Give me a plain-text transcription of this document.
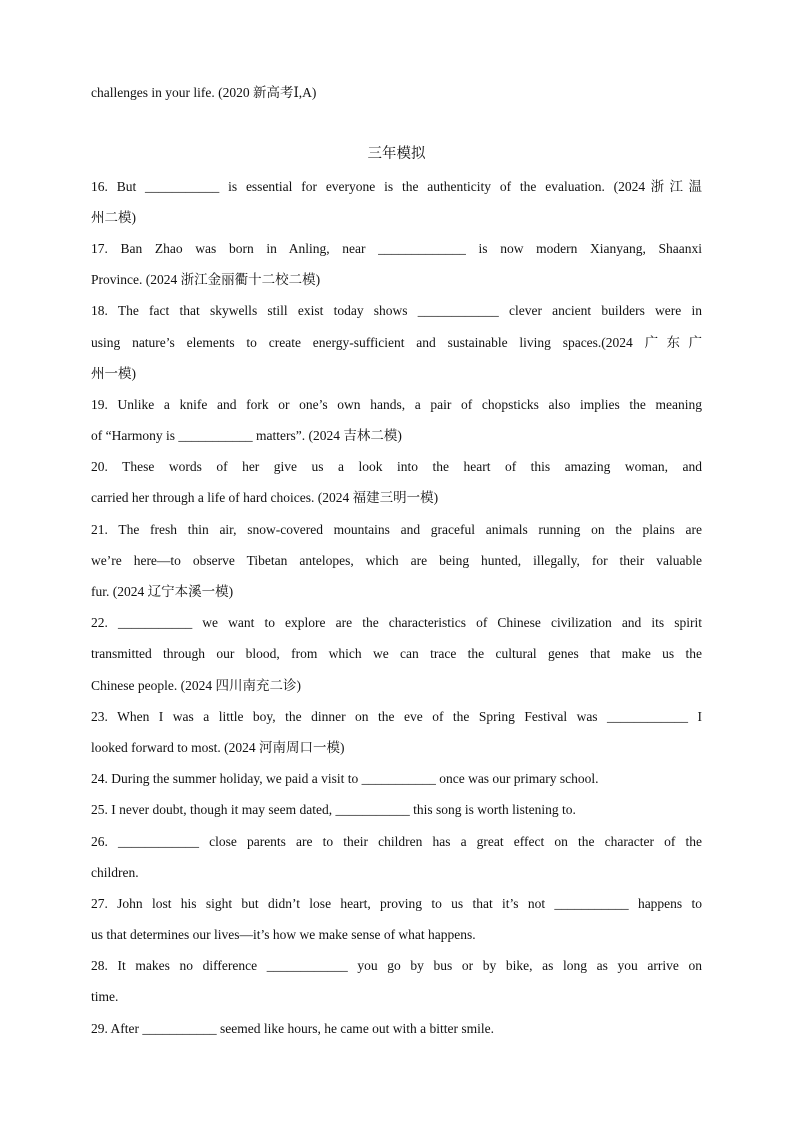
challenges in your life. (2020 新高考Ⅰ,A)
三年模拟
16. But ___________ is essential for everyone is the authenticity of the evaluation. (2024浙江温
州二模)
17. Ban Zhao was born in Anling, near _____________ is now modern Xianyang, Shaanxi
Province. (2024 浙江金丽衢十二校二模)
18. The fact that skywells still exist today shows ____________ clever ancient builders were in
using nature’s elements to create energy-sufficient and sustainable living spaces.(2024 广东广
州一模)
19. Unlike a knife and fork or one’s own hands, a pair of chopsticks also implies the meaning
of “Harmony is ___________ matters”. (2024 吉林二模)
20. These words of her give us a look into the heart of this amazing woman, and
carried her through a life of hard choices. (2024 福建三明一模)
21. The fresh thin air, snow-covered mountains and graceful animals running on the plains are
we’re here—to observe Tibetan antelopes, which are being hunted, illegally, for their valuable
fur. (2024 辽宁本溪一模)
22. ___________ we want to explore are the characteristics of Chinese civilization and its spirit
transmitted through our blood, from which we can trace the cultural genes that make us the
Chinese people. (2024 四川南充二诊)
23. When I was a little boy, the dinner on the eve of the Spring Festival was ____________ I
looked forward to most. (2024 河南周口一模)
24. During the summer holiday, we paid a visit to ___________ once was our primary school.
25. I never doubt, though it may seem dated, ___________ this song is worth listening to.
26. ____________ close parents are to their children has a great effect on the character of the
children.
27. John lost his sight but didn’t lose heart, proving to us that it’s not ___________ happens to
us that determines our lives—it’s how we make sense of what happens.
28. It makes no difference ____________ you go by bus or by bike, as long as you arrive on
time.
29. After ___________ seemed like hours, he came out with a bitter smile.
